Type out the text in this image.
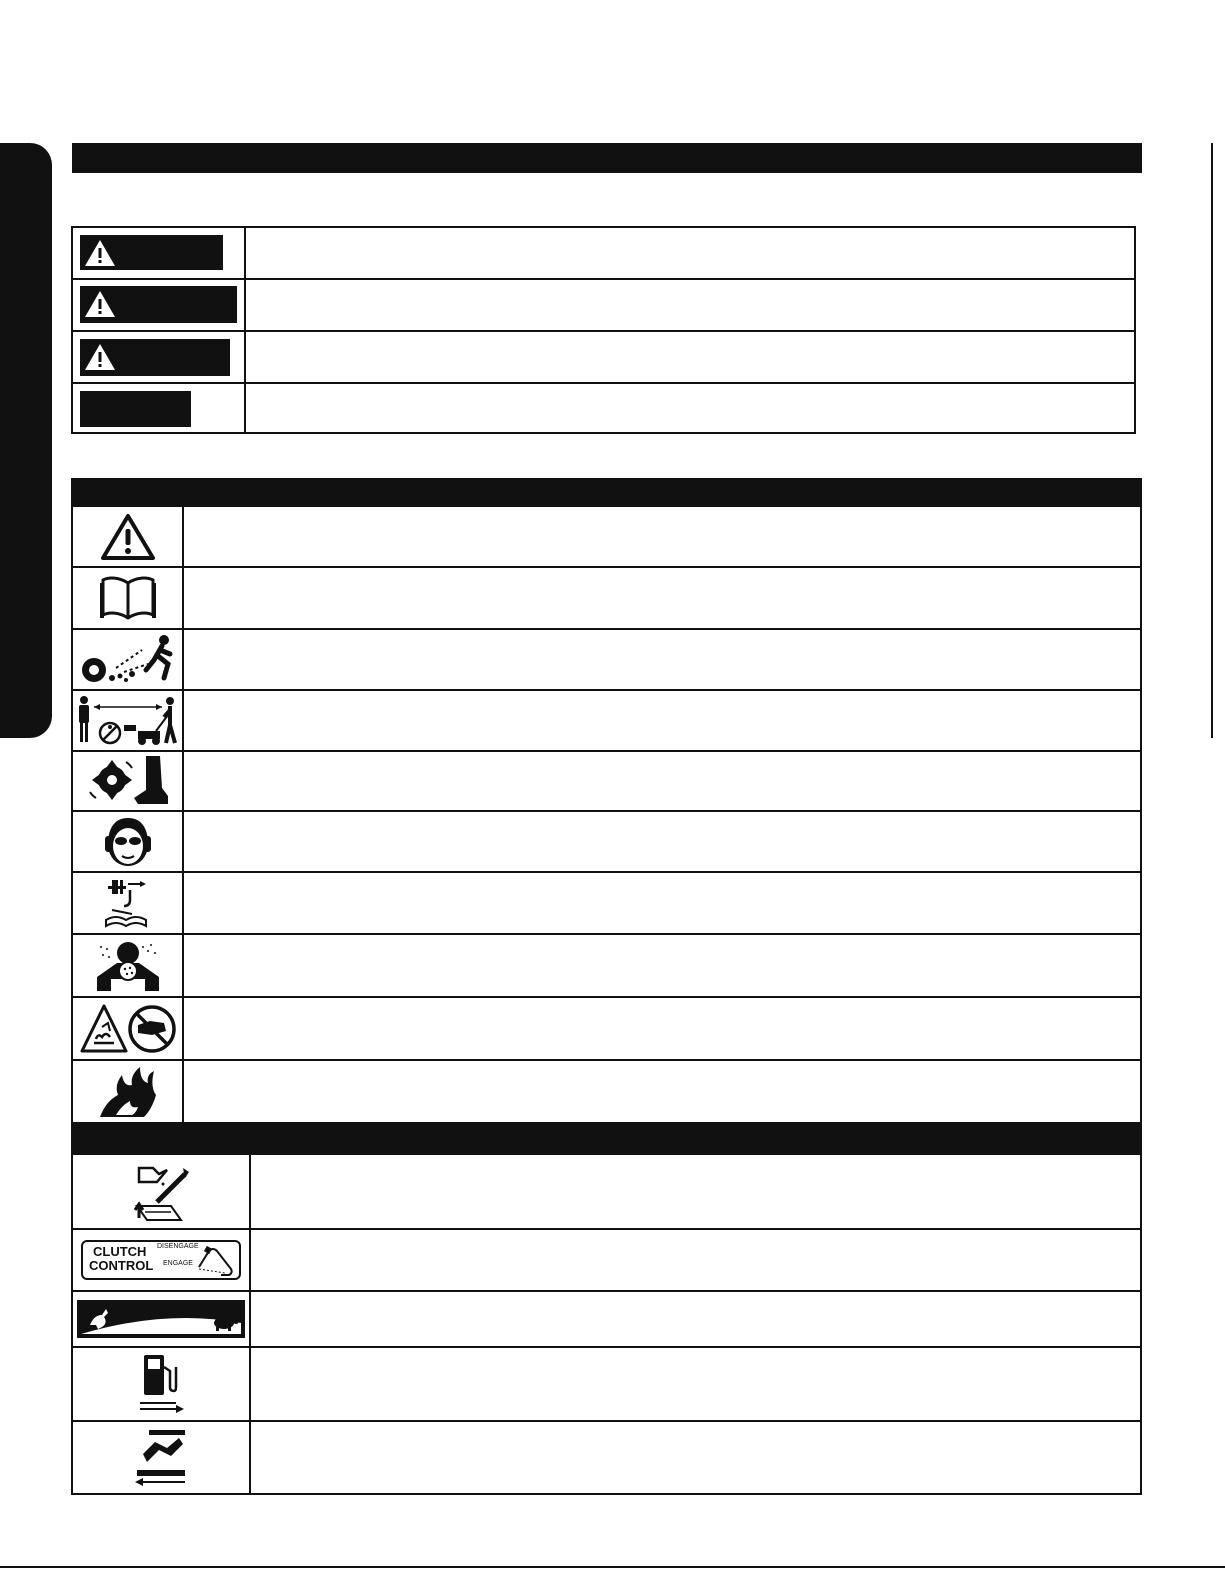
CLUTCH
CONTROL
DISENGAGE
ENGAGE
